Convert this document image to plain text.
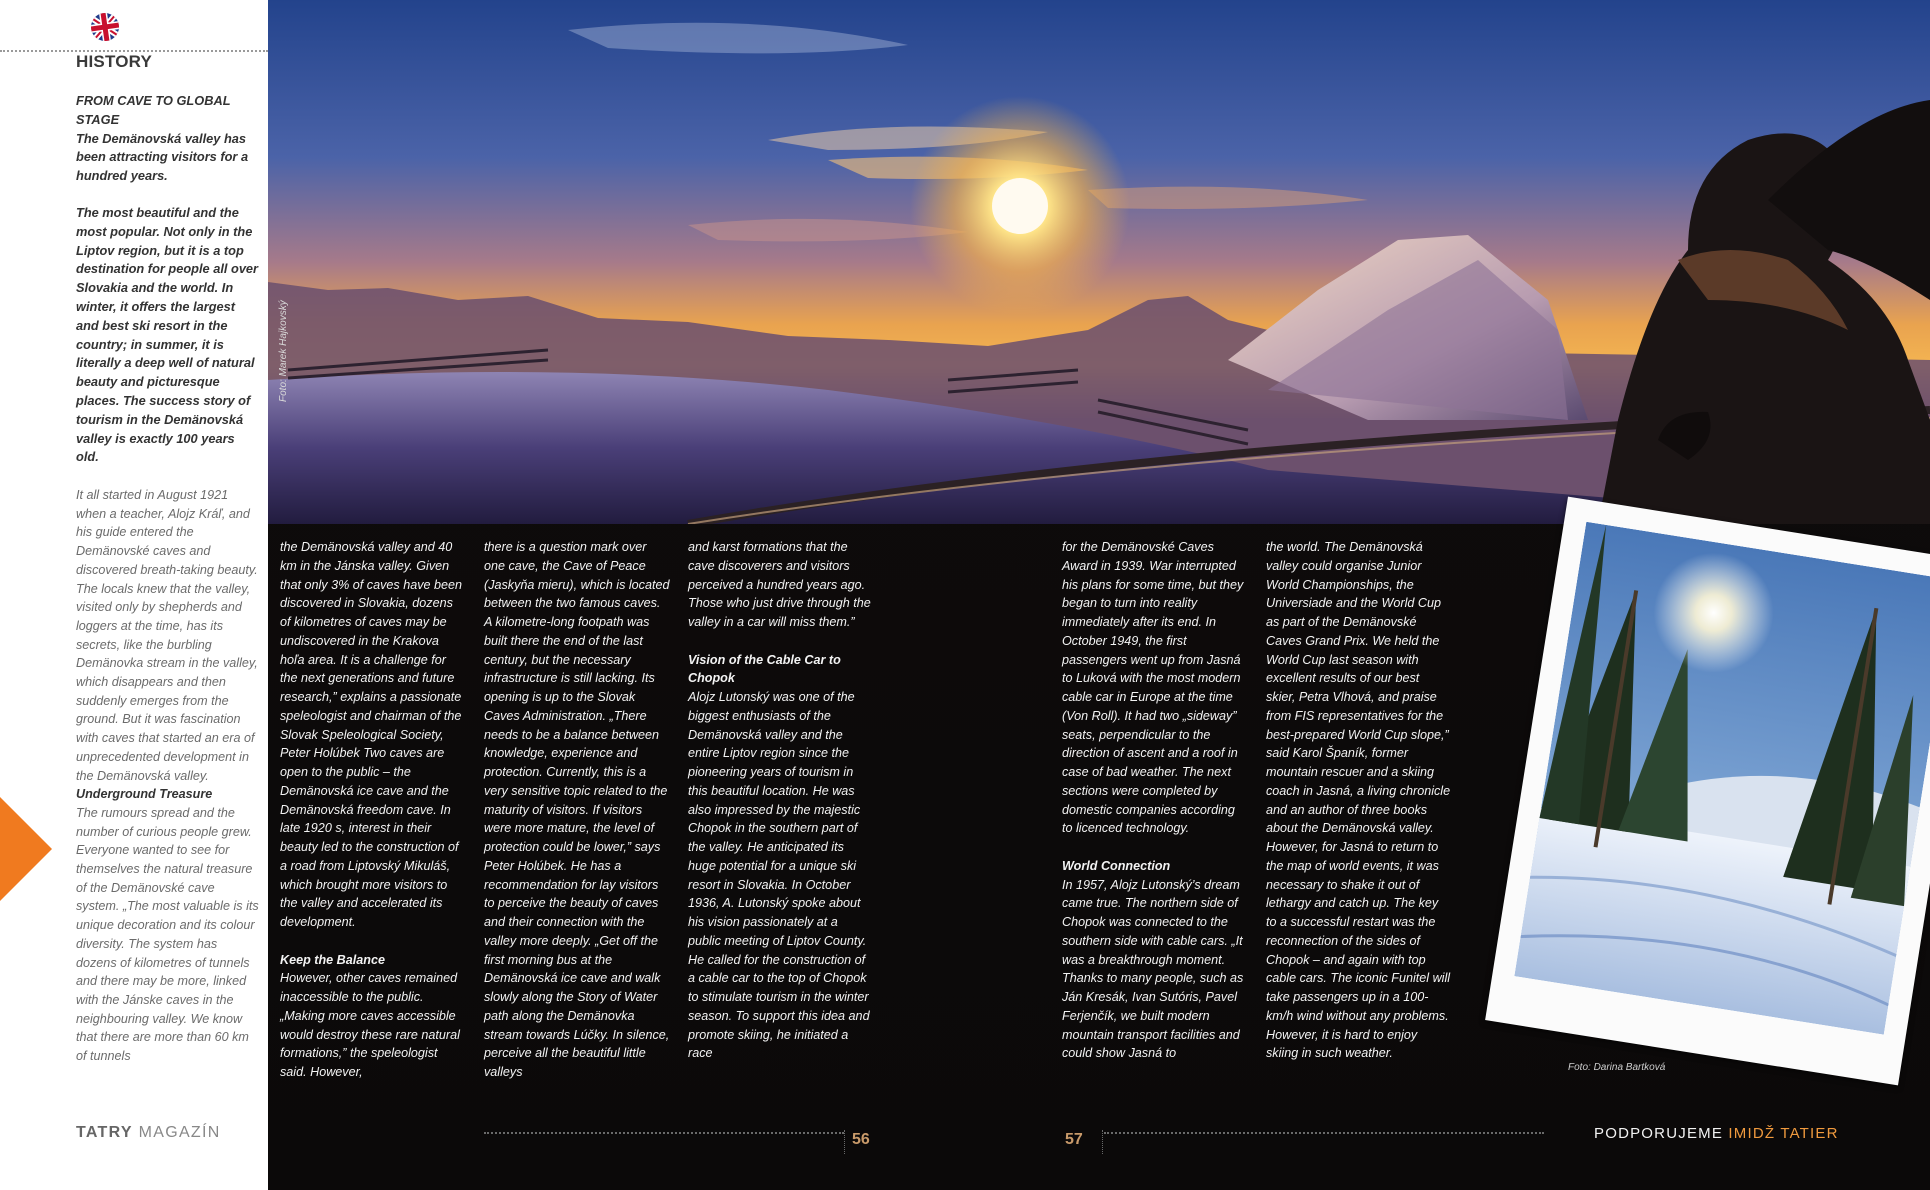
HISTORY

FROM CAVE TO GLOBAL STAGE
The Demänovská valley has been attracting visitors for a hundred years.

The most beautiful and the most popular. Not only in the Liptov region, but it is a top destination for people all over Slovakia and the world. In winter, it offers the largest and best ski resort in the country; in summer, it is literally a deep well of natural beauty and picturesque places. The success story of tourism in the Demänovská valley is exactly 100 years old.

It all started in August 1921 when a teacher, Alojz Kráľ, and his guide entered the Demänovské caves and discovered breath-taking beauty. The locals knew that the valley, visited only by shepherds and loggers at the time, has its secrets, like the burbling Demänovka stream in the valley, which disappears and then suddenly emerges from the ground. But it was fascination with caves that started an era of unprecedented development in the Demänovská valley.
Underground Treasure
The rumours spread and the number of curious people grew. Everyone wanted to see for themselves the natural treasure of the Demänovské cave system. „The most valuable is its unique decoration and its colour diversity. The system has dozens of kilometres of tunnels and there may be more, linked with the Jánske caves in the neighbouring valley. We know that there are more than 60 km of tunnels
TATRY MAGAZÍN
Foto: Marek Hajkovský

the Demänovská valley and 40 km in the Jánska valley. Given that only 3% of caves have been discovered in Slovakia, dozens of kilometres of caves may be undiscovered in the Krakova hoľa area. It is a challenge for the next generations and future research,” explains a passionate speleologist and chairman of the Slovak Speleological Society, Peter Holúbek Two caves are open to the public – the Demänovská ice cave and the Demänovská freedom cave. In late 1920 s, interest in their beauty led to the construction of a road from Liptovský Mikuláš, which brought more visitors to the valley and accelerated its development.

Keep the Balance

However, other caves remained inaccessible to the public. „Making more caves accessible would destroy these rare natural formations,” the speleologist said. However,

there is a question mark over one cave, the Cave of Peace (Jaskyňa mieru), which is located between the two famous caves. A kilometre-long footpath was built there the end of the last century, but the necessary infrastructure is still lacking. Its opening is up to the Slovak Caves Administration. „There needs to be a balance between knowledge, experience and protection. Currently, this is a very sensitive topic related to the maturity of visitors. If visitors were more mature, the level of protection could be lower,” says Peter Holúbek. He has a recommendation for lay visitors to perceive the beauty of caves and their connection with the valley more deeply. „Get off the first morning bus at the Demänovská ice cave and walk slowly along the Story of Water path along the Demänovka stream towards Lúčky. In silence, perceive all the beautiful little valleys

and karst formations that the cave discoverers and visitors perceived a hundred years ago. Those who just drive through the valley in a car will miss them.”

Vision of the Cable Car to Chopok

Alojz Lutonský was one of the biggest enthusiasts of the Demänovská valley and the entire Liptov region since the pioneering years of tourism in this beautiful location. He was also impressed by the majestic Chopok in the southern part of the valley. He anticipated its huge potential for a unique ski resort in Slovakia. In October 1936, A. Lutonský spoke about his vision passionately at a public meeting of Liptov County. He called for the construction of a cable car to the top of Chopok to stimulate tourism in the winter season. To support this idea and promote skiing, he initiated a race

for the Demänovské Caves Award in 1939. War interrupted his plans for some time, but they began to turn into reality immediately after its end. In October 1949, the first passengers went up from Jasná to Luková with the most modern cable car in Europe at the time (Von Roll). It had two „sideway” seats, perpendicular to the direction of ascent and a roof in case of bad weather. The next sections were completed by domestic companies according to licenced technology.

World Connection

In 1957, Alojz Lutonský’s dream came true. The northern side of Chopok was connected to the southern side with cable cars. „It was a breakthrough moment. Thanks to many people, such as Ján Kresák, Ivan Sutóris, Pavel Ferjenčík, we built modern mountain transport facilities and could show Jasná to

the world. The Demänovská valley could organise Junior World Championships, the Universiade and the World Cup as part of the Demänovské Caves Grand Prix. We held the World Cup last season with excellent results of our best skier, Petra Vlhová, and praise from FIS representatives for the best-prepared World Cup slope,” said Karol Španík, former mountain rescuer and a skiing coach in Jasná, a living chronicle and an author of three books about the Demänovská valley. However, for Jasná to return to the map of world events, it was necessary to shake it out of lethargy and catch up. The key to a successful restart was the reconnection of the sides of Chopok – and again with top cable cars. The iconic Funitel will take passengers up in a 100-km/h wind without any problems. However, it is hard to enjoy skiing in such weather.

Foto: Darina Bartková
56	57	PODPORUJEME IMIDŽ TATIER
